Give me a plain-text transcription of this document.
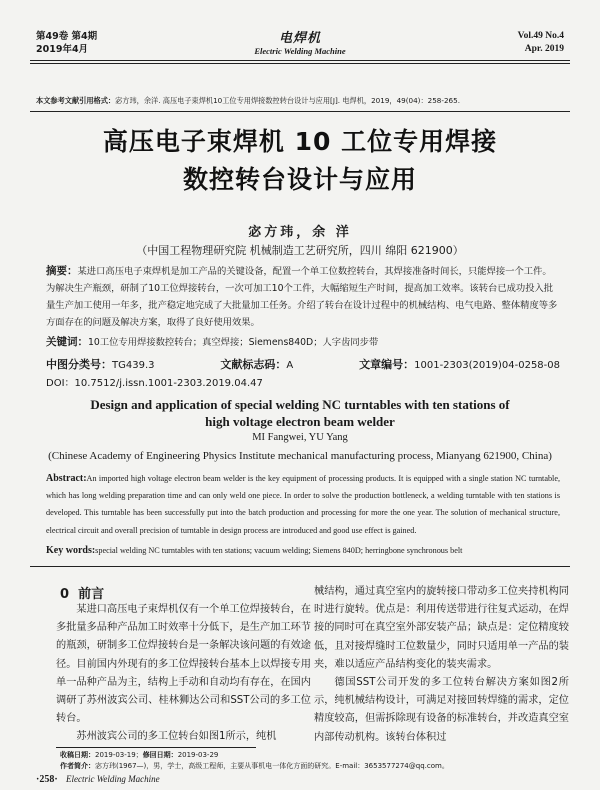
第49卷 第4期
2019年4月
电焊机
Electric Welding Machine
Vol.49 No.4
Apr. 2019
本文参考文献引用格式：宓方玮，余洋. 高压电子束焊机10工位专用焊接数控转台设计与应用[J]. 电焊机，2019，49(04)：258-265.
高压电子束焊机 10 工位专用焊接
数控转台设计与应用
宓方玮，余 洋
（中国工程物理研究院 机械制造工艺研究所，四川 绵阳 621900）
摘要：某进口高压电子束焊机是加工产品的关键设备，配置一个单工位数控转台，其焊接准备时间长，只能焊接一个工件。为解决生产瓶颈，研制了10工位焊接转台，一次可加工10个工件，大幅缩短生产时间，提高加工效率。该转台已成功投入批量生产加工使用一年多，批产稳定地完成了大批量加工任务。介绍了转台在设计过程中的机械结构、电气电路、整体精度等多方面存在的问题及解决方案，取得了良好使用效果。
关键词：10工位专用焊接数控转台；真空焊接；Siemens840D；人字齿同步带
中图分类号：TG439.3	文献标志码：A	文章编号：1001-2303(2019)04-0258-08
DOI：10.7512/j.issn.1001-2303.2019.04.47
Design and application of special welding NC turntables with ten stations of
high voltage electron beam welder
MI Fangwei, YU Yang
(Chinese Academy of Engineering Physics Institute mechanical manufacturing process, Mianyang 621900, China)
Abstract:An imported high voltage electron beam welder is the key equipment of processing products. It is equipped with a single station NC turntable, which has long welding preparation time and can only weld one piece. In order to solve the production bottleneck, a welding turntable with ten stations is developed. This turntable has been successfully put into the batch production and processing for more the one year. The solution of mechanical structure, electrical circuit and overall precision of turntable in design process are introduced and good use effect is gained.
Key words:special welding NC turntables with ten stations; vacuum welding; Siemens 840D; herringbone synchronous belt
0 前言

某进口高压电子束焊机仅有一个单工位焊接转台，在多批量多品种产品加工时效率十分低下，是生产加工环节的瓶颈，研制多工位焊接转台是一条解决该问题的有效途径。目前国内外现有的多工位焊接转台基本上以焊接专用单一品种产品为主，结构上手动和自动均有存在，在国内调研了苏州波宾公司、桂林狮达公司和SST公司的多工位转台。

苏州波宾公司的多工位转台如图1所示，纯机

械结构，通过真空室内的旋转接口带动多工位夹持机构同时进行旋转。优点是：利用传送带进行往复式运动，在焊接的同时可在真空室外部安装产品；缺点是：定位精度较低，且对接焊缝时工位数量少，同时只适用单一产品的装夹，难以适应产品结构变化的装夹需求。

德国SST公司开发的多工位转台解决方案如图2所示，纯机械结构设计，可满足对接回转焊缝的需求，定位精度较高，但需拆除现有设备的标准转台，并改造真空室内部传动机构。该转台体积过

收稿日期：2019-03-19；修回日期：2019-03-29
作者简介：宓方玮(1967—)，男，学士，高级工程师，主要从事机电一体化方面的研究。E-mail：3653577274@qq.com。
·258· Electric Welding Machine
